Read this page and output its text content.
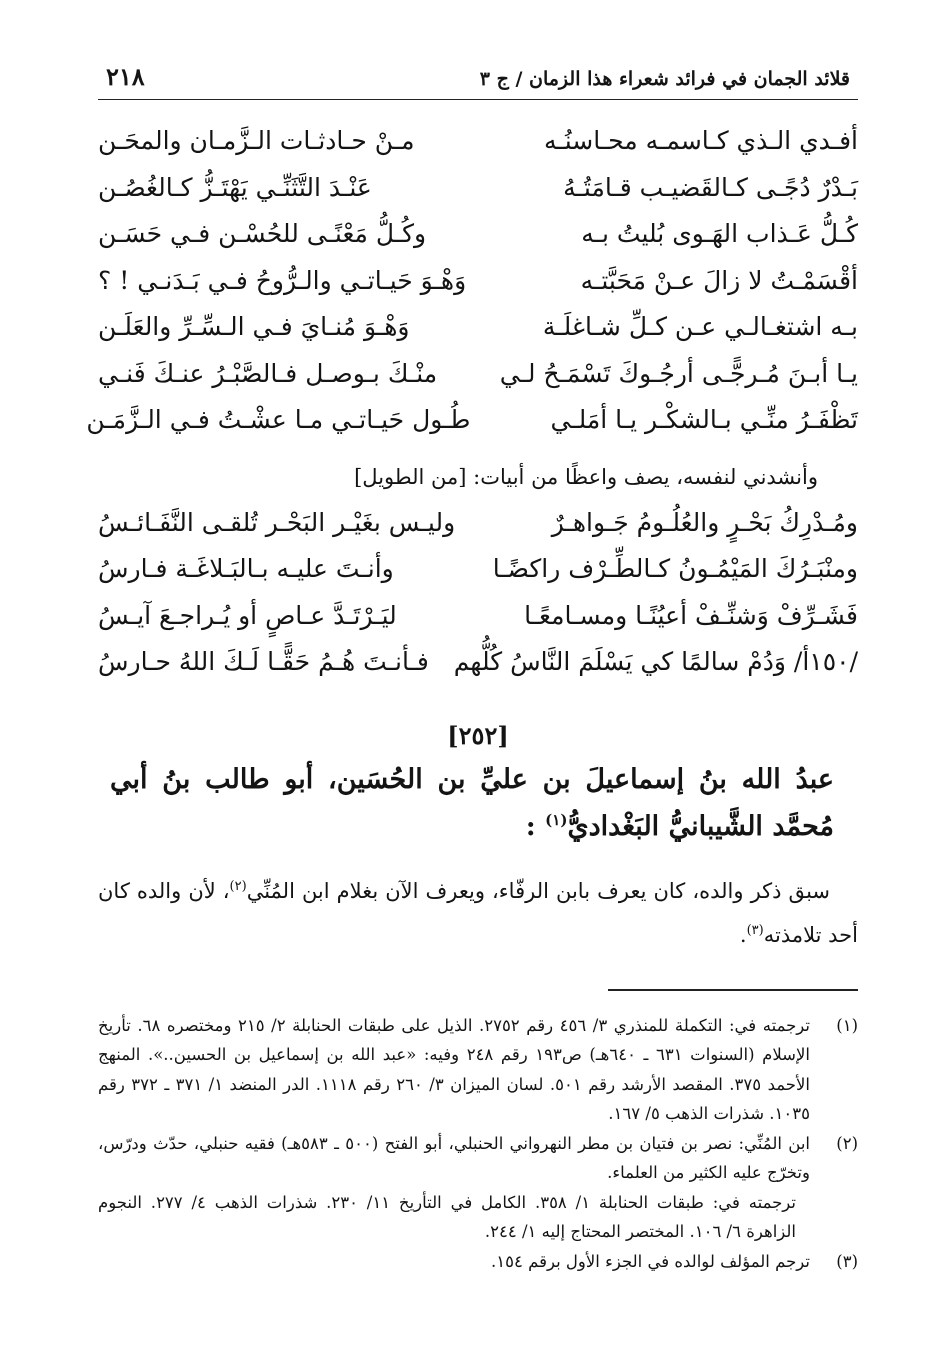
قلائد الجمان في فرائد شعراء هذا الزمان / ج ٣
٢١٨
أفـدي الـذي كـاسمـه محـاسنُـه
مـنْ حـادثـات الـزَّمـان والمحَـن
بَـدْرٌ دُجًـى كـالقَضيـب قـامَتُـهُ
عَنْـدَ التَّثَنِّـي يَهْتَـزُّ كـالغُصُـن
كُـلُّ عَـذاب الهَـوى بُليتُ بـه
وكُـلُّ مَعْنًـى للحُسْـن فـي حَسَـن
أقْسَمْـتُ لا زالَ عـنْ مَحَبَّتـه
وَهْـوَ حَيـاتـي والـرُّوحُ فـي بَـدَنـي ! ؟
بـه اشتغـالـي عـن كـلِّ شـاغلَـة
وَهْـوَ مُنـايَ فـي الـسِّـرِّ والعَلَـن
يـا أبـنَ مُـرجًّـى أرجُـوكَ تَسْمَـحُ لـي
منْـكَ بـوصـل فـالصَّبْـرُ عنـكَ فَنـي
تَظْفَـرُ منِّـي بـالشكْـر يـا أمَلـي
طُـول حَيـاتـي مـا عشْـتُ فـي الـزَّمَـن
وأنشدني لنفسه، يصف واعظًا من أبيات: [من الطويل]
ومُـدْرِكُ بَحْـرٍ والعُلُـومُ جَـواهـرٌ
وليـس بغَيْـر البَحْـر تُلقـى النَّفَـائـسُ
ومنْبَـرُكَ المَيْمُـونُ كـالطِّـرْف راكضًـا
وأنـتَ عليـه بـالبَـلاغَـة فـارسُ
فَشَـرِّفْ وَشنِّـفْ أعيُنًـا ومسـامعًـا
ليَـرْتَـدَّ عـاصٍ أو يُـراجـعَ آيـسُ
/١٥٠أ/ وَدُمْ سالمًا كي يَسْلَمَ النَّاسُ كُلُّهم
فـأنـتَ هُـمُ حَقًّـا لَـكَ اللهُ حـارسُ
[٢٥٢]
عبدُ الله بنُ إسماعيلَ بن عليِّ بن الحُسَين، أبو طالب بنُ أبي مُحمَّد الشَّيبانيُّ البَغْداديُّ$^{(١)}$ :
سبق ذكر والده، كان يعرف بابن الرفّاء، ويعرف الآن بغلام ابن المُنِّي$^{(٢)}$، لأن والده كان أحد تلامذته$^{(٣)}$.
(١)
ترجمته في: التكملة للمنذري ٣/ ٤٥٦ رقم ٢٧٥٢. الذيل على طبقات الحنابلة ٢/ ٢١٥ ومختصره ٦٨. تأريخ الإسلام (السنوات ٦٣١ ـ ٦٤٠هـ) ص١٩٣ رقم ٢٤٨ وفيه: «عبد الله بن إسماعيل بن الحسين..». المنهج الأحمد ٣٧٥. المقصد الأرشد رقم ٥٠١. لسان الميزان ٣/ ٢٦٠ رقم ١١١٨. الدر المنضد ١/ ٣٧١ ـ ٣٧٢ رقم ١٠٣٥. شذرات الذهب ٥/ ١٦٧.
(٢)
ابن المُنِّي: نصر بن فتيان بن مطر النهرواني الحنبلي، أبو الفتح (٥٠٠ ـ ٥٨٣هـ) فقيه حنبلي، حدّث ودرّس، وتخرّج عليه الكثير من العلماء.
ترجمته في: طبقات الحنابلة ١/ ٣٥٨. الكامل في التأريخ ١١/ ٢٣٠. شذرات الذهب ٤/ ٢٧٧. النجوم الزاهرة ٦/ ١٠٦. المختصر المحتاج إليه ١/ ٢٤٤.
(٣)
ترجم المؤلف لوالده في الجزء الأول برقم ١٥٤.
